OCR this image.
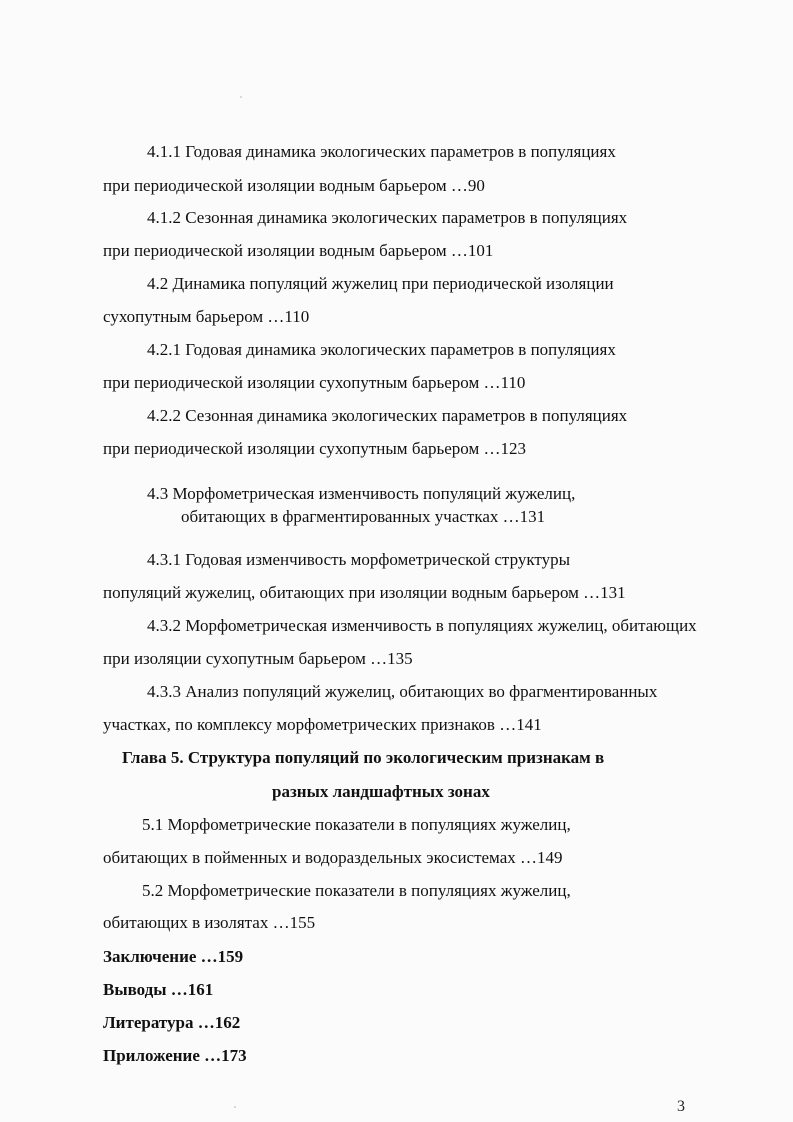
4.1.1 Годовая динамика экологических параметров в популяциях
при периодической изоляции водным барьером …90
4.1.2 Сезонная динамика экологических параметров в популяциях
при периодической изоляции водным барьером …101
4.2 Динамика популяций жужелиц при периодической изоляции
сухопутным барьером …110
4.2.1 Годовая динамика экологических параметров в популяциях
при периодической изоляции сухопутным барьером …110
4.2.2 Сезонная динамика экологических параметров в популяциях
при периодической изоляции сухопутным барьером …123
4.3 Морфометрическая изменчивость популяций жужелиц,
обитающих в фрагментированных участках …131
4.3.1 Годовая изменчивость морфометрической структуры
популяций жужелиц, обитающих при изоляции водным барьером …131
4.3.2 Морфометрическая изменчивость в популяциях жужелиц, обитающих
при изоляции сухопутным барьером …135
4.3.3 Анализ популяций жужелиц, обитающих во фрагментированных
участках, по комплексу морфометрических признаков …141
Глава 5. Структура популяций по экологическим признакам в
разных ландшафтных зонах
5.1 Морфометрические показатели в популяциях жужелиц,
обитающих в пойменных и водораздельных экосистемах …149
5.2 Морфометрические показатели в популяциях жужелиц,
обитающих в изолятах …155
Заключение …159
Выводы …161
Литература …162
Приложение …173
3
